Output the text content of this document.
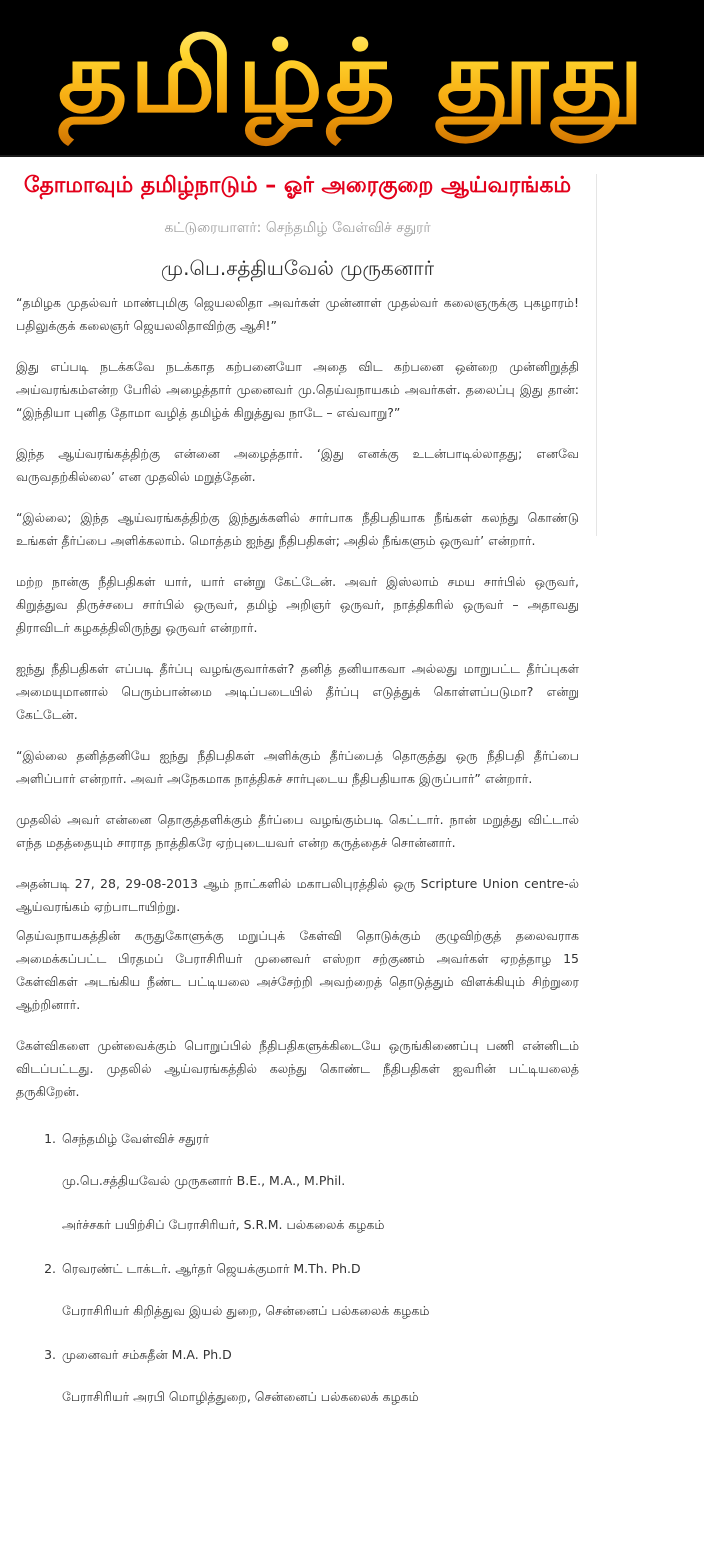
தமிழ்த் தூது
தோமாவும் தமிழ்நாடும் – ஓர் அரைகுறை ஆய்வரங்கம்
கட்டுரையாளர்: செந்தமிழ் வேள்விச் சதுரர்
மு.பெ.சத்தியவேல் முருகனார்

“தமிழக முதல்வர் மாண்புமிகு ஜெயலலிதா அவர்கள் முன்னாள் முதல்வர் கலைஞருக்கு புகழாரம்! பதிலுக்குக் கலைஞர் ஜெயலலிதாவிற்கு ஆசி!”

இது எப்படி நடக்கவே நடக்காத கற்பனையோ அதை விட கற்பனை ஒன்றை முன்னிறுத்தி அய்வரங்கம்என்ற பேரில் அழைத்தார் முனைவர் மு.தெய்வநாயகம் அவர்கள். தலைப்பு இது தான்: “இந்தியா புனித தோமா வழித் தமிழ்க் கிறுத்துவ நாடே – எவ்வாறு?”

இந்த ஆய்வரங்கத்திற்கு என்னை அழைத்தார். ‘இது எனக்கு உடன்பாடில்லாதது; எனவே வருவதற்கில்லை’ என முதலில் மறுத்தேன்.

“இல்லை; இந்த ஆய்வரங்கத்திற்கு இந்துக்களில் சார்பாக நீதிபதியாக நீங்கள் கலந்து கொண்டு உங்கள் தீர்ப்பை அளிக்கலாம். மொத்தம் ஐந்து நீதிபதிகள்; அதில் நீங்களும் ஒருவர்’ என்றார்.

மற்ற நான்கு நீதிபதிகள் யார், யார் என்று கேட்டேன். அவர் இஸ்லாம் சமய சார்பில் ஒருவர், கிறுத்துவ திருச்சபை சார்பில் ஒருவர், தமிழ் அறிஞர் ஒருவர், நாத்திகரில் ஒருவர் – அதாவது திராவிடர் கழகத்திலிருந்து ஒருவர் என்றார்.

ஐந்து நீதிபதிகள் எப்படி தீர்ப்பு வழங்குவார்கள்? தனித் தனியாகவா அல்லது மாறுபட்ட தீர்ப்புகள் அமையுமானால் பெரும்பான்மை அடிப்படையில் தீர்ப்பு எடுத்துக் கொள்ளப்படுமா? என்று கேட்டேன்.

“இல்லை தனித்தனியே ஐந்து நீதிபதிகள் அளிக்கும் தீர்ப்பைத் தொகுத்து ஒரு நீதிபதி தீர்ப்பை அளிப்பார் என்றார். அவர் அநேகமாக நாத்திகச் சார்புடைய நீதிபதியாக இருப்பார்” என்றார்.

முதலில் அவர் என்னை தொகுத்தளிக்கும் தீர்ப்பை வழங்கும்படி கெட்டார். நான் மறுத்து விட்டால் எந்த மதத்தையும் சாராத நாத்திகரே ஏற்புடையவர் என்ற கருத்தைச் சொன்னார்.

அதன்படி 27, 28, 29-08-2013 ஆம் நாட்களில் மகாபலிபுரத்தில் ஒரு Scripture Union centre-ல் ஆய்வரங்கம் ஏற்பாடாயிற்று.

தெய்வநாயகத்தின் கருதுகோளுக்கு மறுப்புக் கேள்வி தொடுக்கும் குழுவிற்குத் தலைவராக அமைக்கப்பட்ட பிரதமப் பேராசிரியர் முனைவர் எஸ்றா சற்குணம் அவர்கள் ஏறத்தாழ 15 கேள்விகள் அடங்கிய நீண்ட பட்டியலை அச்சேற்றி அவற்றைத் தொடுத்தும் விளக்கியும் சிற்றுரை ஆற்றினார்.

கேள்விகளை முன்வைக்கும் பொறுப்பில் நீதிபதிகளுக்கிடையே ஒருங்கிணைப்பு பணி என்னிடம் விடப்பட்டது. முதலில் ஆய்வரங்கத்தில் கலந்து கொண்ட நீதிபதிகள் ஐவரின் பட்டியலைத் தருகிறேன்.

1. செந்தமிழ் வேள்விச் சதுரர்
மு.பெ.சத்தியவேல் முருகனார் B.E., M.A., M.Phil.
அர்ச்சகர் பயிற்சிப் பேராசிரியர், S.R.M. பல்கலைக் கழகம்
2. ரெவரண்ட் டாக்டர். ஆர்தர் ஜெயக்குமார் M.Th. Ph.D
பேராசிரியர் கிறித்துவ இயல் துறை, சென்னைப் பல்கலைக் கழகம்
3. முனைவர் சம்சுதீன் M.A. Ph.D
பேராசிரியர் அரபி மொழித்துறை, சென்னைப் பல்கலைக் கழகம்
